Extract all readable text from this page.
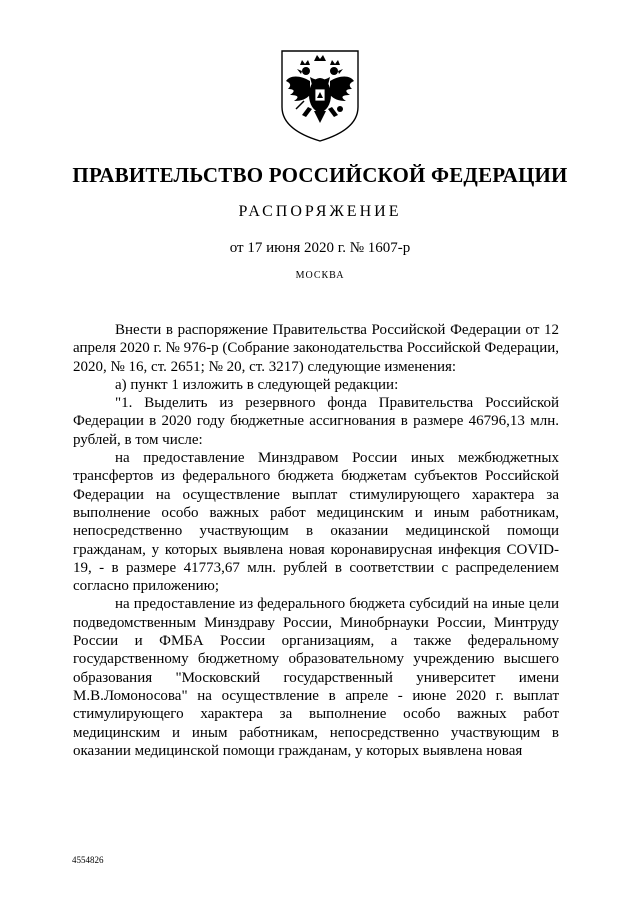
ПРАВИТЕЛЬСТВО РОССИЙСКОЙ ФЕДЕРАЦИИ
РАСПОРЯЖЕНИЕ
от 17 июня 2020 г. № 1607-р
МОСКВА

Внести в распоряжение Правительства Российской Федерации от 12 апреля 2020 г. № 976-р (Собрание законодательства Российской Федерации, 2020, № 16, ст. 2651; № 20, ст. 3217) следующие изменения:

а) пункт 1 изложить в следующей редакции:

"1. Выделить из резервного фонда Правительства Российской Федерации в 2020 году бюджетные ассигнования в размере 46796,13 млн. рублей, в том числе:

на предоставление Минздравом России иных межбюджетных трансфертов из федерального бюджета бюджетам субъектов Российской Федерации на осуществление выплат стимулирующего характера за выполнение особо важных работ медицинским и иным работникам, непосредственно участвующим в оказании медицинской помощи гражданам, у которых выявлена новая коронавирусная инфекция COVID-19, - в размере 41773,67 млн. рублей в соответствии с распределением согласно приложению;

на предоставление из федерального бюджета субсидий на иные цели подведомственным Минздраву России, Минобрнауки России, Минтруду России и ФМБА России организациям, а также федеральному государственному бюджетному образовательному учреждению высшего образования "Московский государственный университет имени М.В.Ломоносова" на осуществление в апреле - июне 2020 г. выплат стимулирующего характера за выполнение особо важных работ медицинским и иным работникам, непосредственно участвующим в оказании медицинской помощи гражданам, у которых выявлена новая

4554826
